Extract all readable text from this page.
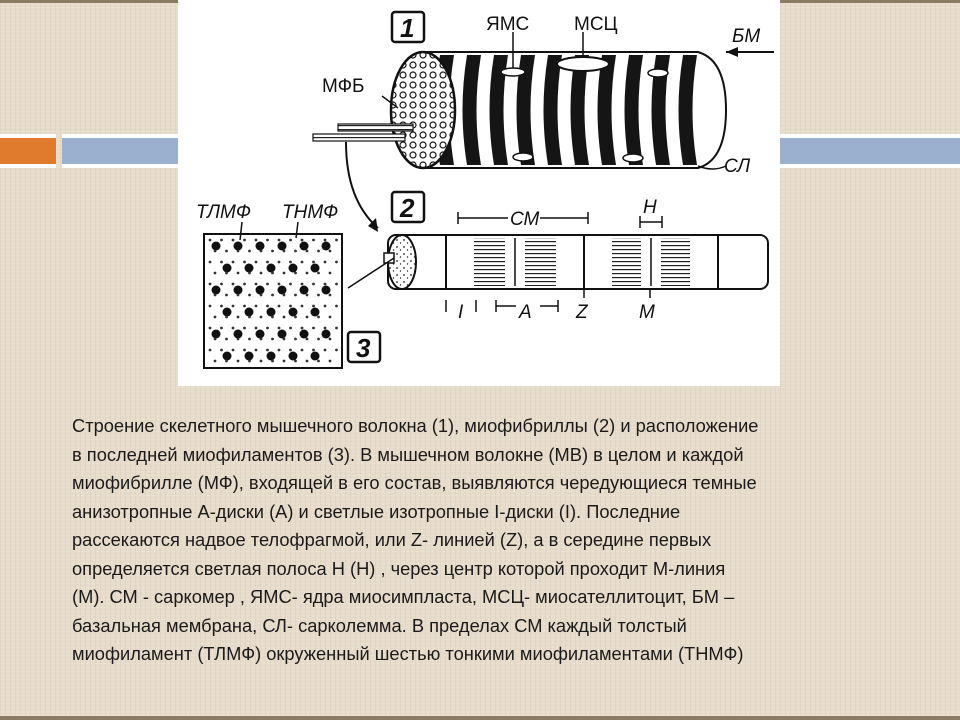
1	ЯМС МСЦ
БМ
МФБ
СЛ
СМ
Н
I	А Z	М
2
ТЛМФ ТНМФ
3

Строение скелетного мышечного волокна (1), миофибриллы (2) и расположение

в последней миофиламентов (3). В мышечном волокне (МВ) в целом и каждой

миофибрилле (МФ), входящей в его состав, выявляются чередующиеся темные

анизотропные А-диски (А) и светлые изотропные I-диски (I). Последние

рассекаются надвое телофрагмой, или Z- линией (Z), а в середине первых

определяется светлая полоса Н (Н) , через центр которой проходит М-линия

(М). СМ - саркомер , ЯМС- ядра миосимпласта, МСЦ- миосателлитоцит, БМ –

базальная мембрана, СЛ- сарколемма. В пределах СМ каждый толстый

миофиламент (ТЛМФ) окруженный шестью тонкими миофиламентами (ТНМФ)
